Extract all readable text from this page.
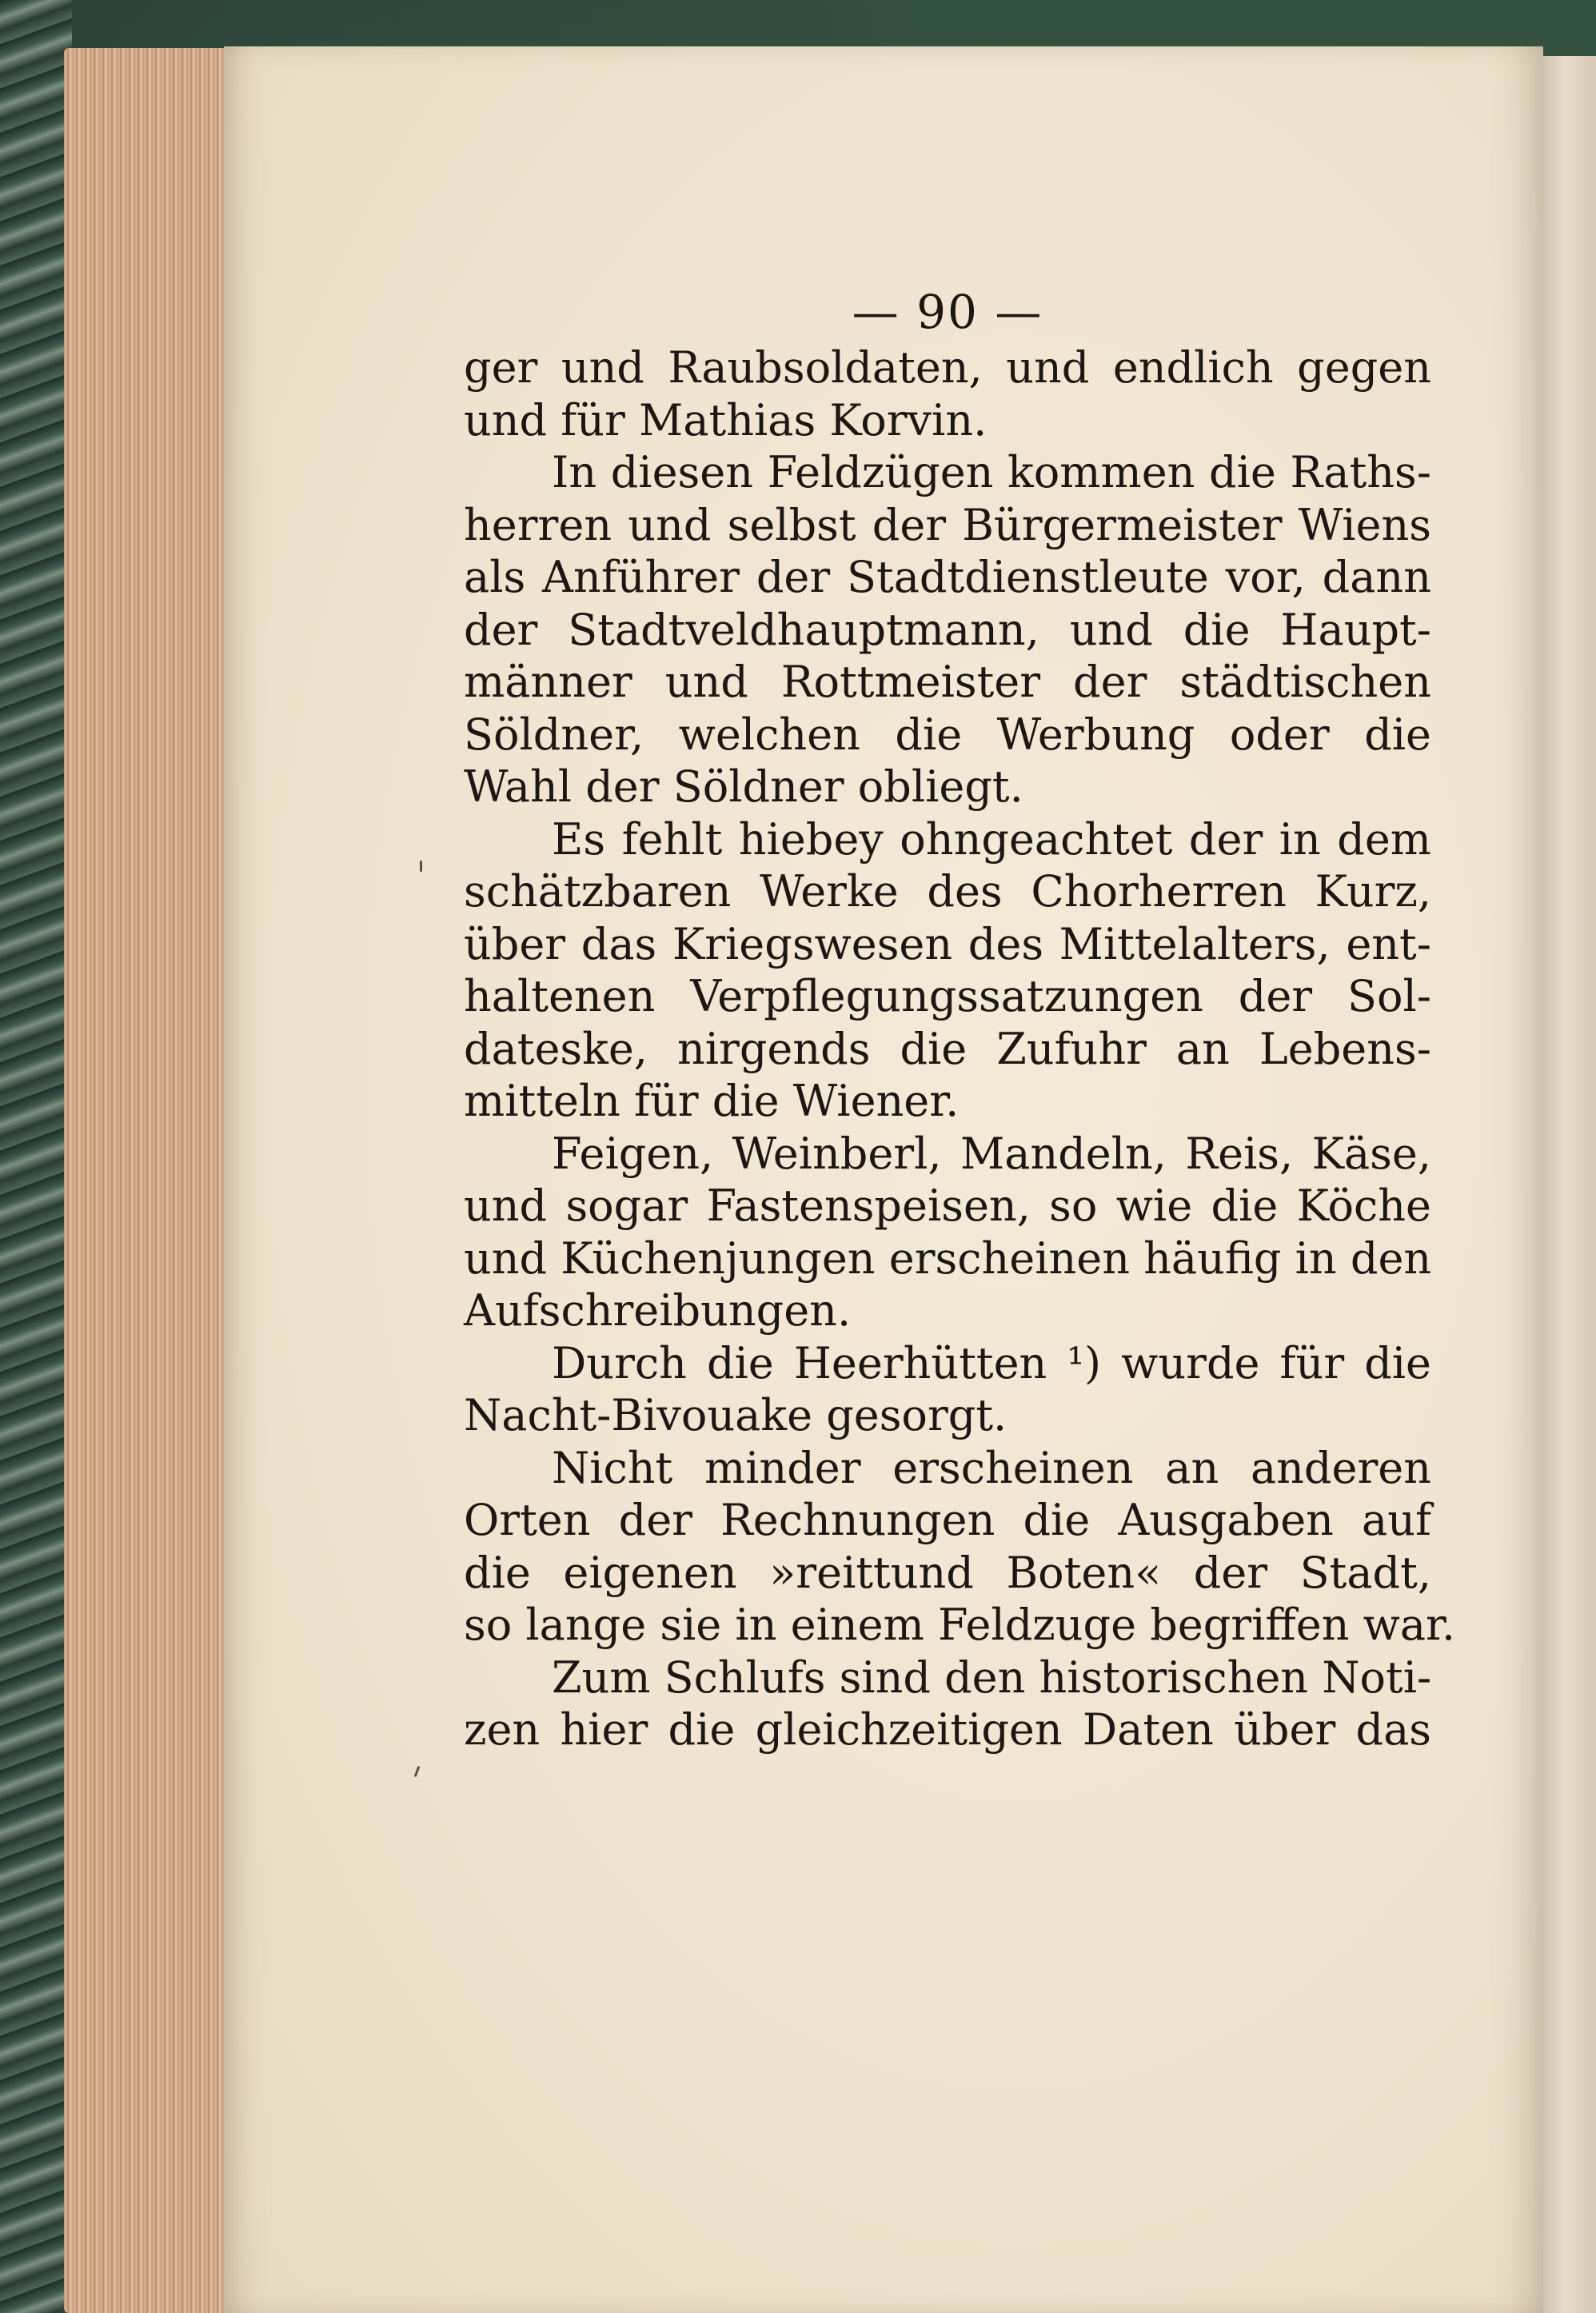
— 90 —
ger und Raubsoldaten, und endlich gegen
und für Mathias Korvin.
In diesen Feldzügen kommen die Raths-
herren und selbst der Bürgermeister Wiens
als Anführer der Stadtdienstleute vor, dann
der Stadtveldhauptmann, und die Haupt-
männer und Rottmeister der städtischen
Söldner, welchen die Werbung oder die
Wahl der Söldner obliegt.
Es fehlt hiebey ohngeachtet der in dem
schätzbaren Werke des Chorherren Kurz,
über das Kriegswesen des Mittelalters, ent-
haltenen Verpflegungssatzungen der Sol-
dateske, nirgends die Zufuhr an Lebens-
mitteln für die Wiener.
Feigen, Weinberl, Mandeln, Reis, Käse,
und sogar Fastenspeisen, so wie die Köche
und Küchenjungen erscheinen häufig in den
Aufschreibungen.
Durch die Heerhütten ¹) wurde für die
Nacht-Bivouake gesorgt.
Nicht minder erscheinen an anderen
Orten der Rechnungen die Ausgaben auf
die eigenen »reittund Boten« der Stadt,
so lange sie in einem Feldzuge begriffen war.
Zum Schlufs sind den historischen Noti-
zen hier die gleichzeitigen Daten über das
